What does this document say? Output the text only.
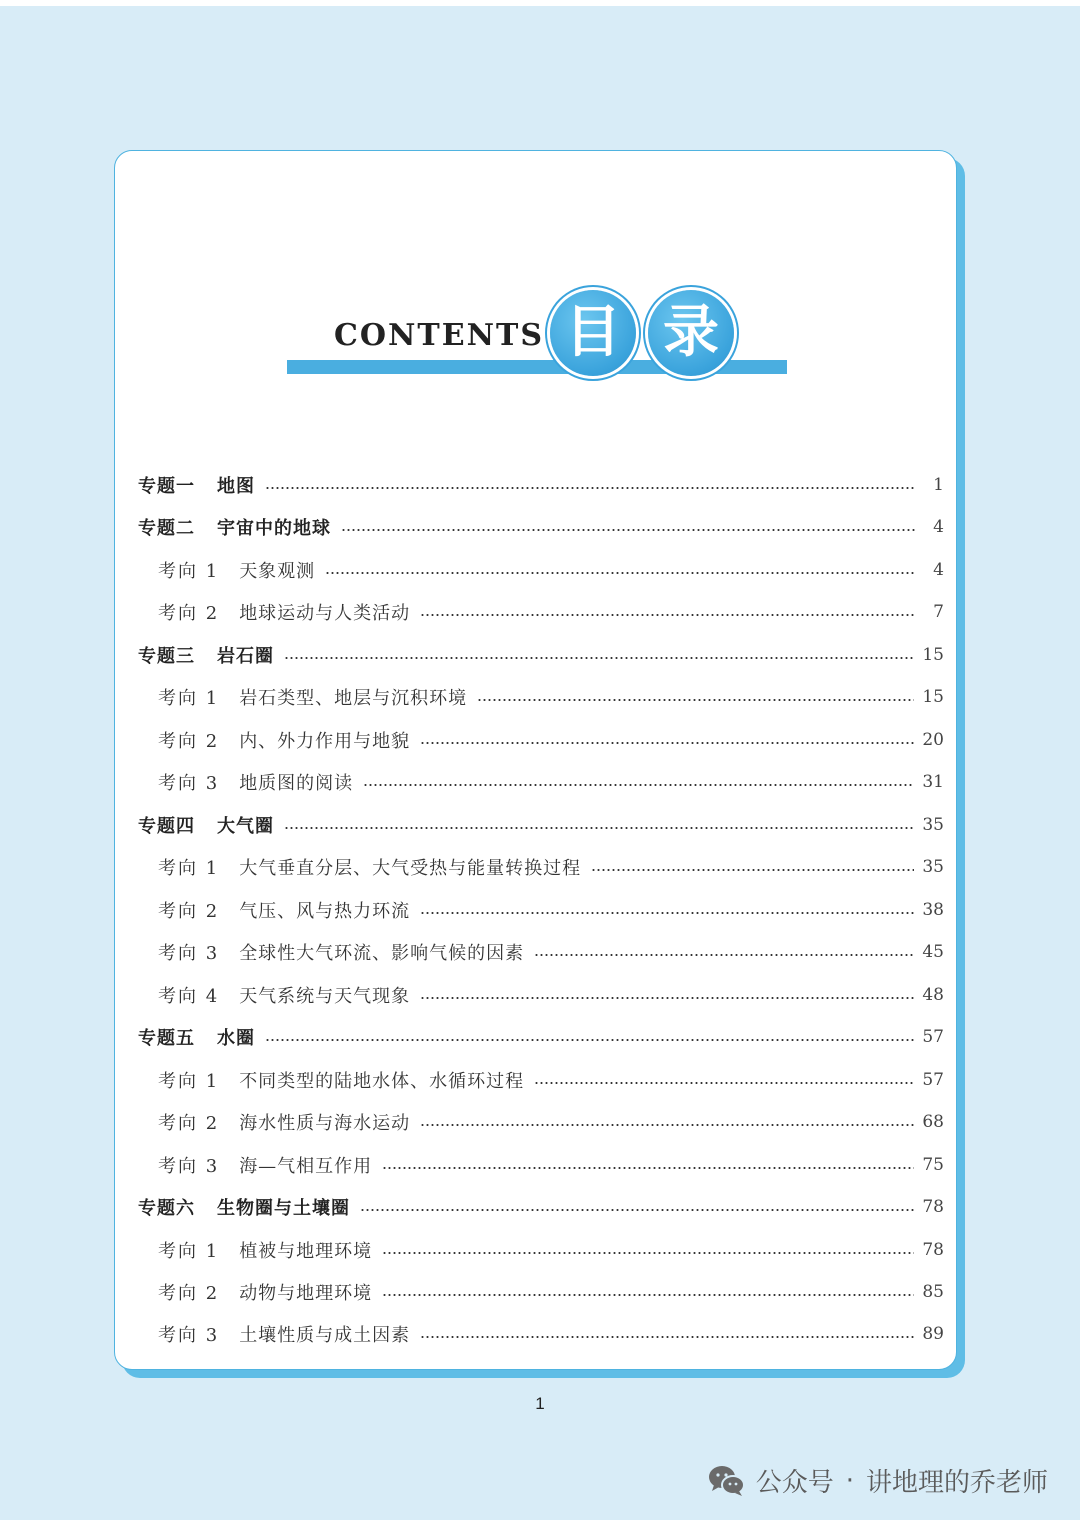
CONTENTS 目 录
专题一 地图	1
专题二 宇宙中的地球	4
考向 1 天象观测	4
考向 2 地球运动与人类活动	7
专题三 岩石圈	15
考向 1 岩石类型、地层与沉积环境	15
考向 2 内、外力作用与地貌	20
考向 3 地质图的阅读	31
专题四 大气圈	35
考向 1 大气垂直分层、大气受热与能量转换过程	35
考向 2 气压、风与热力环流	38
考向 3 全球性大气环流、影响气候的因素	45
考向 4 天气系统与天气现象	48
专题五 水圈	57
考向 1 不同类型的陆地水体、水循环过程	57
考向 2 海水性质与海水运动	68
考向 3 海—气相互作用	75
专题六 生物圈与土壤圈	78
考向 1 植被与地理环境	78
考向 2 动物与地理环境	85
考向 3 土壤性质与成土因素	89
1
公众号 · 讲地理的乔老师
